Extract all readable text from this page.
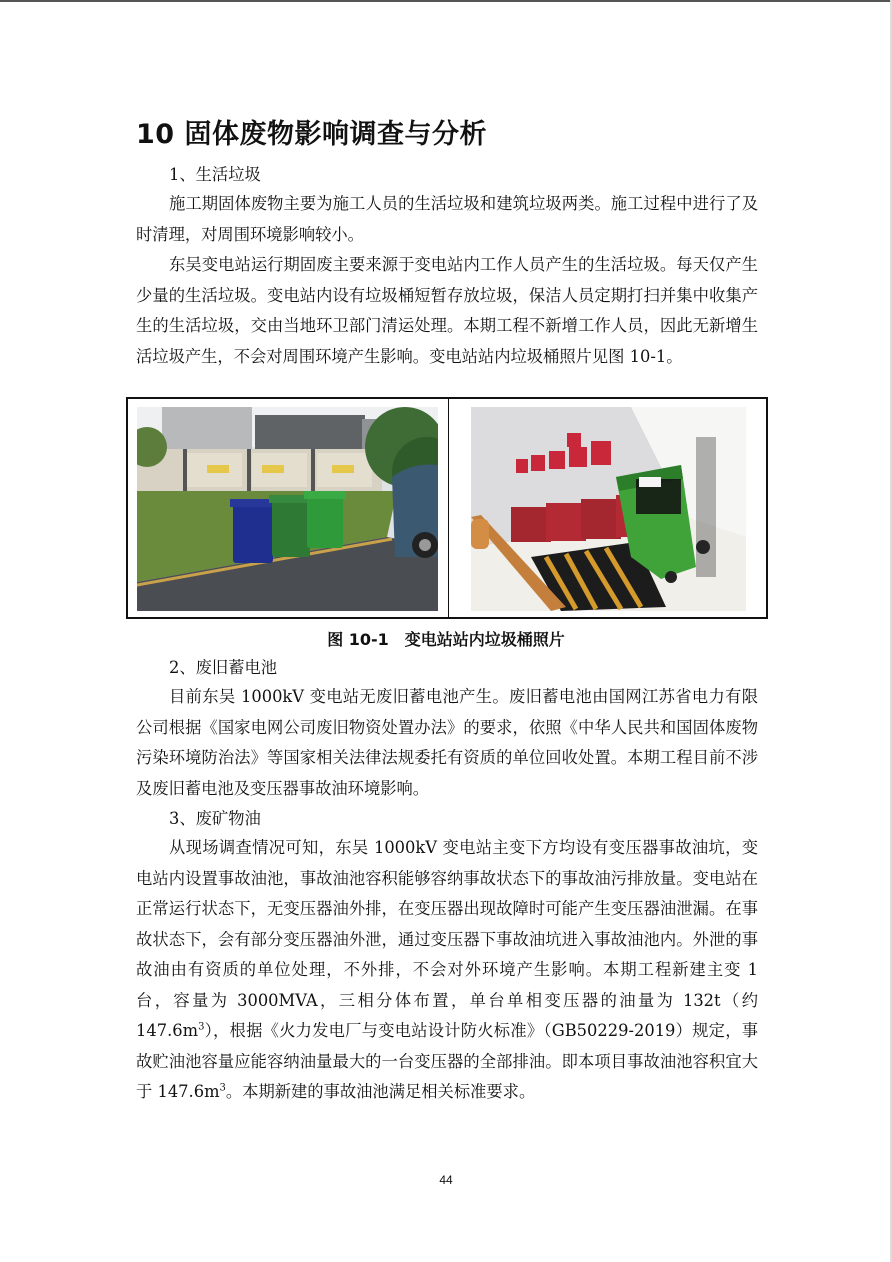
10 固体废物影响调查与分析

1、生活垃圾

施工期固体废物主要为施工人员的生活垃圾和建筑垃圾两类。施工过程中进行了及时清理，对周围环境影响较小。

东吴变电站运行期固废主要来源于变电站内工作人员产生的生活垃圾。每天仅产生少量的生活垃圾。变电站内设有垃圾桶短暂存放垃圾，保洁人员定期打扫并集中收集产生的生活垃圾，交由当地环卫部门清运处理。本期工程不新增工作人员，因此无新增生活垃圾产生，不会对周围环境产生影响。变电站站内垃圾桶照片见图 10-1。

图 10-1　变电站站内垃圾桶照片

2、废旧蓄电池

目前东吴 1000kV 变电站无废旧蓄电池产生。废旧蓄电池由国网江苏省电力有限公司根据《国家电网公司废旧物资处置办法》的要求，依照《中华人民共和国固体废物污染环境防治法》等国家相关法律法规委托有资质的单位回收处置。本期工程目前不涉及废旧蓄电池及变压器事故油环境影响。

3、废矿物油

从现场调查情况可知，东吴 1000kV 变电站主变下方均设有变压器事故油坑，变电站内设置事故油池，事故油池容积能够容纳事故状态下的事故油污排放量。变电站在正常运行状态下，无变压器油外排，在变压器出现故障时可能产生变压器油泄漏。在事故状态下，会有部分变压器油外泄，通过变压器下事故油坑进入事故油池内。外泄的事故油由有资质的单位处理，不外排，不会对外环境产生影响。本期工程新建主变 1 台，容量为 3000MVA，三相分体布置，单台单相变压器的油量为 132t（约 $147.6m^3$），根据《火力发电厂与变电站设计防火标准》（GB50229-2019）规定，事故贮油池容量应能容纳油量最大的一台变压器的全部排油。即本项目事故油池容积宜大于 $147.6m^3$。本期新建的事故油池满足相关标准要求。

44
